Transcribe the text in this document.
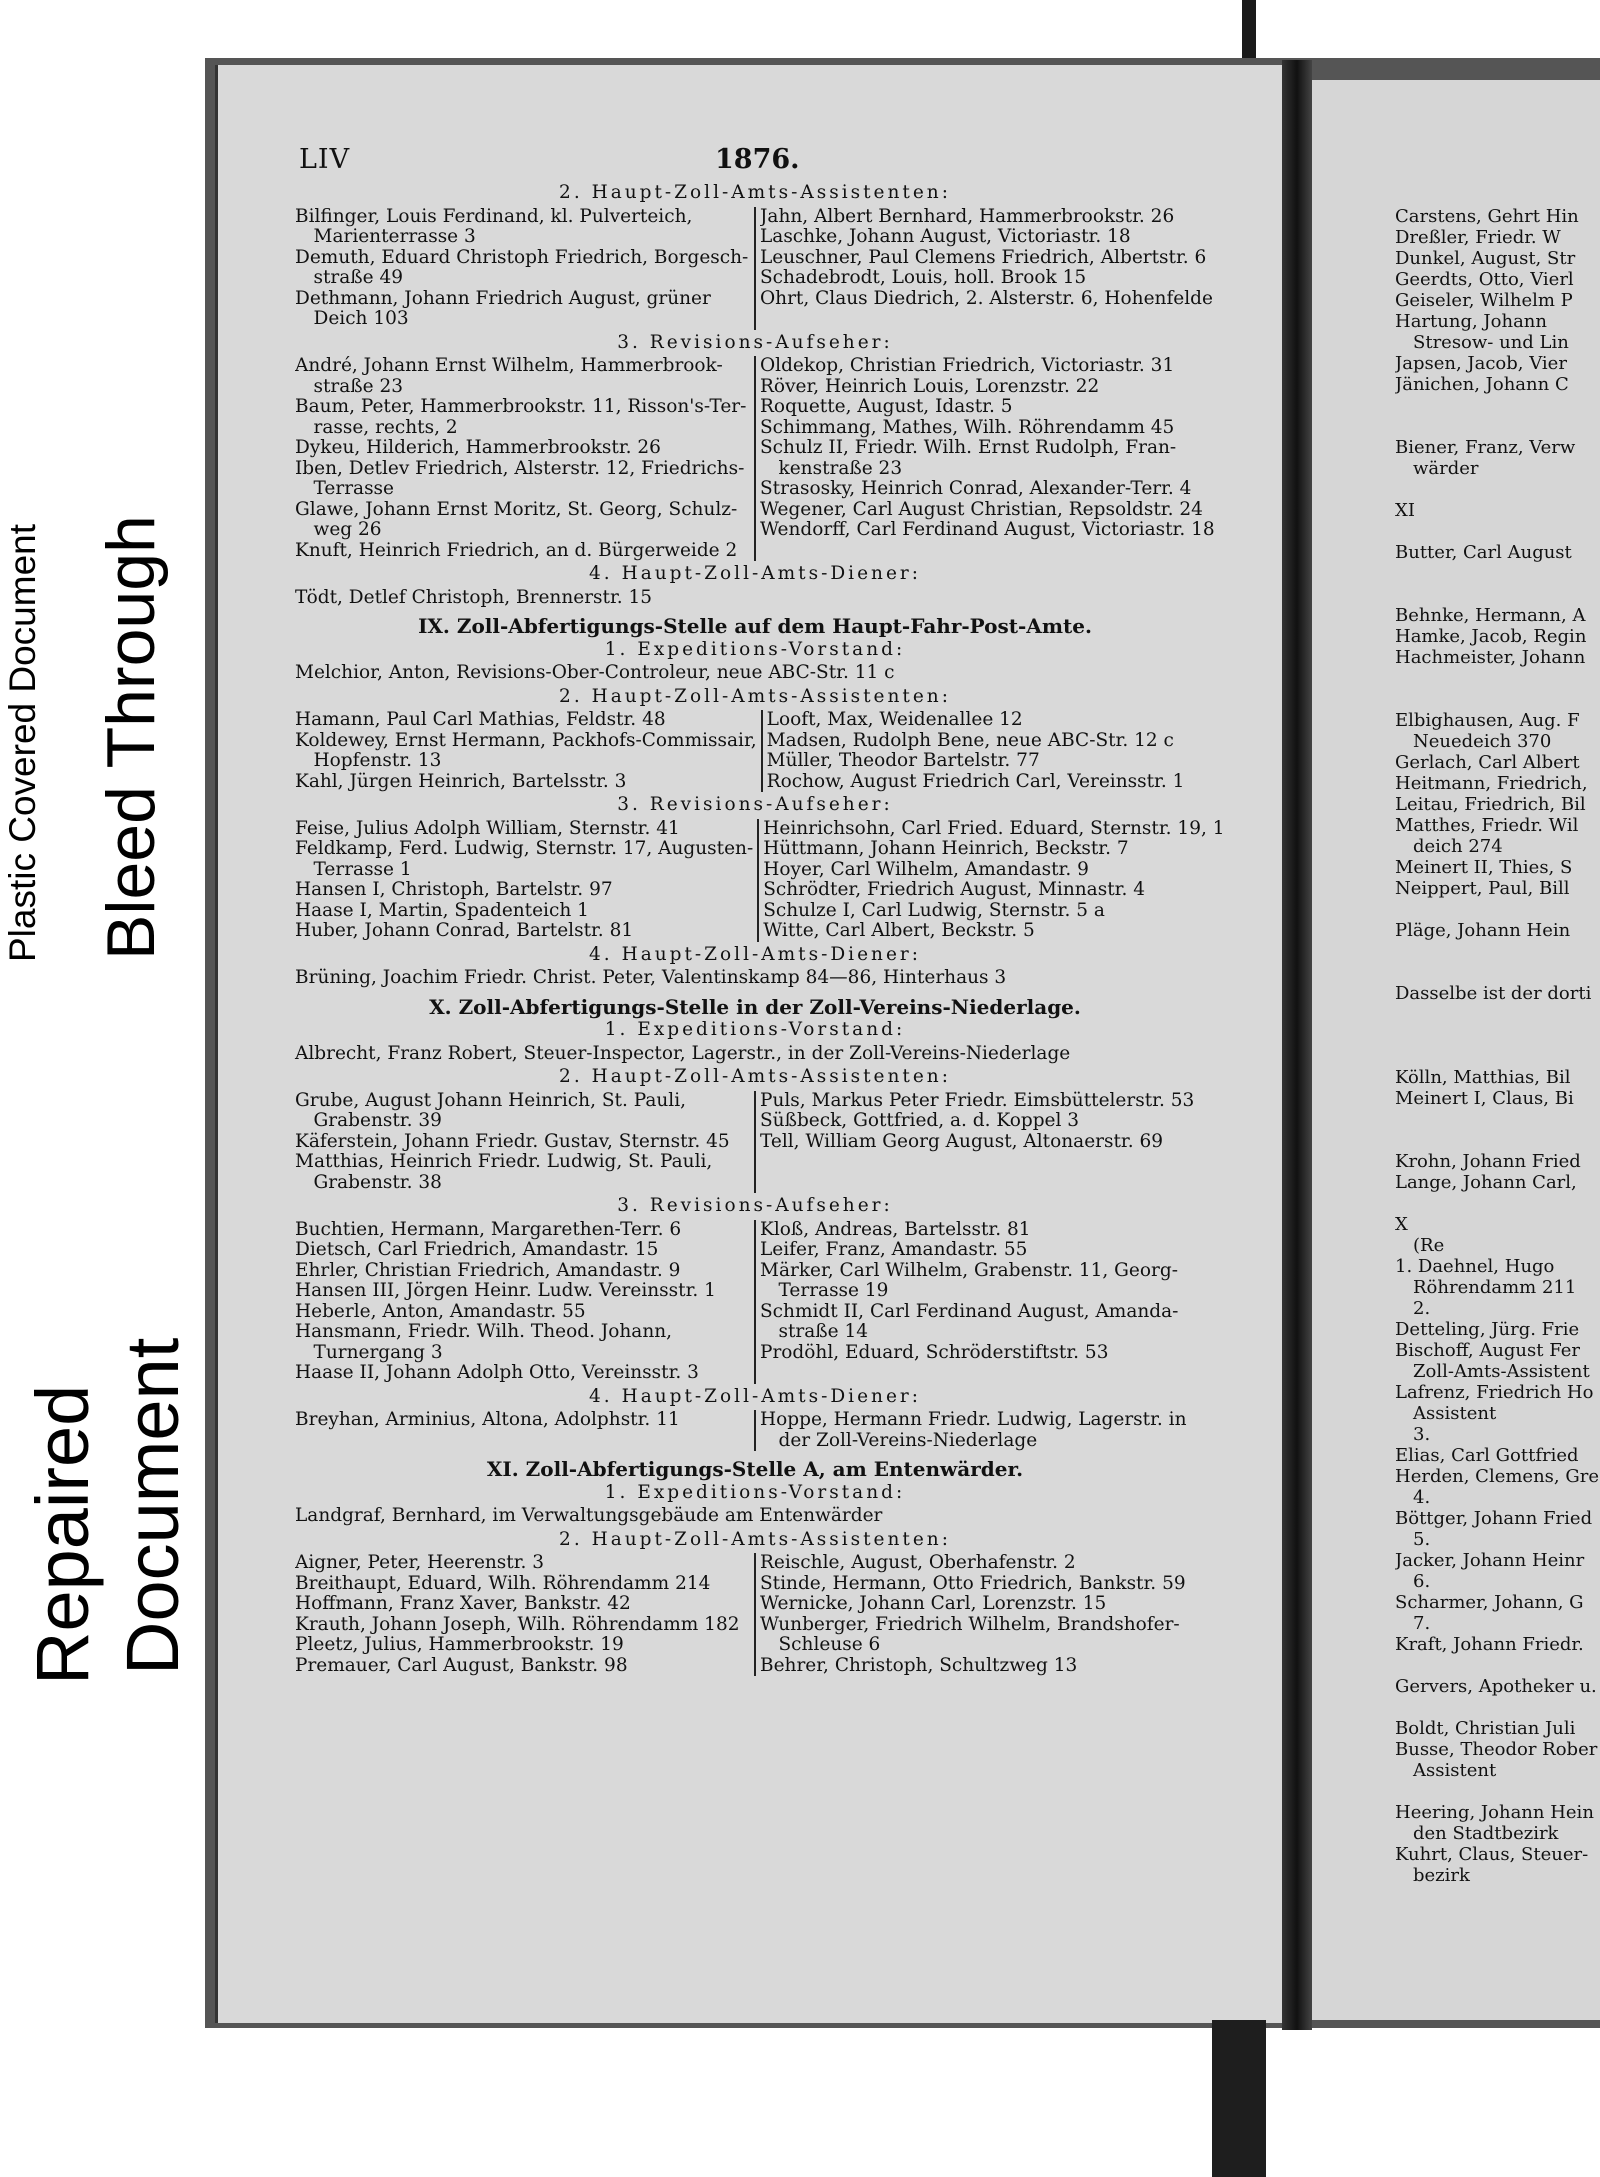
Plastic Covered Document Bleed Through
Repaired Document
LIV	1876.
2. Haupt-Zoll-Amts-Assistenten:
Bilfinger, Louis Ferdinand, kl. Pulverteich,
 Marienterrasse 3
Demuth, Eduard Christoph Friedrich, Borgesch-
 straße 49
Dethmann, Johann Friedrich August, grüner
 Deich 103
Jahn, Albert Bernhard, Hammerbrookstr. 26
Laschke, Johann August, Victoriastr. 18
Leuschner, Paul Clemens Friedrich, Albertstr. 6
Schadebrodt, Louis, holl. Brook 15
Ohrt, Claus Diedrich, 2. Alsterstr. 6, Hohenfelde
3. Revisions-Aufseher:
André, Johann Ernst Wilhelm, Hammerbrook-
 straße 23
Baum, Peter, Hammerbrookstr. 11, Risson's-Ter-
 rasse, rechts, 2
Dykeu, Hilderich, Hammerbrookstr. 26
Iben, Detlev Friedrich, Alsterstr. 12, Friedrichs-
 Terrasse
Glawe, Johann Ernst Moritz, St. Georg, Schulz-
 weg 26
Knuft, Heinrich Friedrich, an d. Bürgerweide 2
Oldekop, Christian Friedrich, Victoriastr. 31
Röver, Heinrich Louis, Lorenzstr. 22
Roquette, August, Idastr. 5
Schimmang, Mathes, Wilh. Röhrendamm 45
Schulz II, Friedr. Wilh. Ernst Rudolph, Fran-
 kenstraße 23
Strasosky, Heinrich Conrad, Alexander-Terr. 4
Wegener, Carl August Christian, Repsoldstr. 24
Wendorff, Carl Ferdinand August, Victoriastr. 18
4. Haupt-Zoll-Amts-Diener:
Tödt, Detlef Christoph, Brennerstr. 15
IX. Zoll-Abfertigungs-Stelle auf dem Haupt-Fahr-Post-Amte.
1. Expeditions-Vorstand:
Melchior, Anton, Revisions-Ober-Controleur, neue ABC-Str. 11 c
2. Haupt-Zoll-Amts-Assistenten:
Hamann, Paul Carl Mathias, Feldstr. 48
Koldewey, Ernst Hermann, Packhofs-Commissair,
 Hopfenstr. 13
Kahl, Jürgen Heinrich, Bartelsstr. 3
Looft, Max, Weidenallee 12
Madsen, Rudolph Bene, neue ABC-Str. 12 c
Müller, Theodor Bartelstr. 77
Rochow, August Friedrich Carl, Vereinsstr. 1
3. Revisions-Aufseher:
Feise, Julius Adolph William, Sternstr. 41
Feldkamp, Ferd. Ludwig, Sternstr. 17, Augusten-
 Terrasse 1
Hansen I, Christoph, Bartelstr. 97
Haase I, Martin, Spadenteich 1
Huber, Johann Conrad, Bartelstr. 81
Heinrichsohn, Carl Fried. Eduard, Sternstr. 19, 1
Hüttmann, Johann Heinrich, Beckstr. 7
Hoyer, Carl Wilhelm, Amandastr. 9
Schrödter, Friedrich August, Minnastr. 4
Schulze I, Carl Ludwig, Sternstr. 5 a
Witte, Carl Albert, Beckstr. 5
4. Haupt-Zoll-Amts-Diener:
Brüning, Joachim Friedr. Christ. Peter, Valentinskamp 84—86, Hinterhaus 3
X. Zoll-Abfertigungs-Stelle in der Zoll-Vereins-Niederlage.
1. Expeditions-Vorstand:
Albrecht, Franz Robert, Steuer-Inspector, Lagerstr., in der Zoll-Vereins-Niederlage
2. Haupt-Zoll-Amts-Assistenten:
Grube, August Johann Heinrich, St. Pauli,
 Grabenstr. 39
Käferstein, Johann Friedr. Gustav, Sternstr. 45
Matthias, Heinrich Friedr. Ludwig, St. Pauli,
 Grabenstr. 38
Puls, Markus Peter Friedr. Eimsbüttelerstr. 53
Süßbeck, Gottfried, a. d. Koppel 3
Tell, William Georg August, Altonaerstr. 69
3. Revisions-Aufseher:
Buchtien, Hermann, Margarethen-Terr. 6
Dietsch, Carl Friedrich, Amandastr. 15
Ehrler, Christian Friedrich, Amandastr. 9
Hansen III, Jörgen Heinr. Ludw. Vereinsstr. 1
Heberle, Anton, Amandastr. 55
Hansmann, Friedr. Wilh. Theod. Johann,
 Turnergang 3
Haase II, Johann Adolph Otto, Vereinsstr. 3
Kloß, Andreas, Bartelsstr. 81
Leifer, Franz, Amandastr. 55
Märker, Carl Wilhelm, Grabenstr. 11, Georg-
 Terrasse 19
Schmidt II, Carl Ferdinand August, Amanda-
 straße 14
Prodöhl, Eduard, Schröderstiftstr. 53
4. Haupt-Zoll-Amts-Diener:
Breyhan, Arminius, Altona, Adolphstr. 11	Hoppe, Hermann Friedr. Ludwig, Lagerstr. in
 der Zoll-Vereins-Niederlage
XI. Zoll-Abfertigungs-Stelle A, am Entenwärder.
1. Expeditions-Vorstand:
Landgraf, Bernhard, im Verwaltungsgebäude am Entenwärder
2. Haupt-Zoll-Amts-Assistenten:
Aigner, Peter, Heerenstr. 3
Breithaupt, Eduard, Wilh. Röhrendamm 214
Hoffmann, Franz Xaver, Bankstr. 42
Krauth, Johann Joseph, Wilh. Röhrendamm 182
Pleetz, Julius, Hammerbrookstr. 19
Premauer, Carl August, Bankstr. 98
Reischle, August, Oberhafenstr. 2
Stinde, Hermann, Otto Friedrich, Bankstr. 59
Wernicke, Johann Carl, Lorenzstr. 15
Wunberger, Friedrich Wilhelm, Brandshofer-
 Schleuse 6
Behrer, Christoph, Schultzweg 13
Carstens, Gehrt Hin
Dreßler, Friedr. W
Dunkel, August, Str
Geerdts, Otto, Vierl
Geiseler, Wilhelm P
Hartung, Johann
 Stresow- und Lin
Japsen, Jacob, Vier
Jänichen, Johann C

Biener, Franz, Verw
 wärder

XI

Butter, Carl August

Behnke, Hermann, A
Hamke, Jacob, Regin
Hachmeister, Johann

Elbighausen, Aug. F
 Neuedeich 370
Gerlach, Carl Albert
Heitmann, Friedrich,
Leitau, Friedrich, Bil
Matthes, Friedr. Wil
 deich 274
Meinert II, Thies, S
Neippert, Paul, Bill

Pläge, Johann Hein

Dasselbe ist der dorti

Kölln, Matthias, Bil
Meinert I, Claus, Bi

Krohn, Johann Fried
Lange, Johann Carl,

X
 (Re
1. Daehnel, Hugo
 Röhrendamm 211
 2.
Detteling, Jürg. Frie
Bischoff, August Fer
 Zoll-Amts-Assistent
Lafrenz, Friedrich Ho
 Assistent
 3.
Elias, Carl Gottfried
Herden, Clemens, Gre
 4.
Böttger, Johann Fried
 5.
Jacker, Johann Heinr
 6.
Scharmer, Johann, G
 7.
Kraft, Johann Friedr.

Gervers, Apotheker u.

Boldt, Christian Juli
Busse, Theodor Rober
 Assistent

Heering, Johann Hein
 den Stadtbezirk
Kuhrt, Claus, Steuer-
 bezirk
